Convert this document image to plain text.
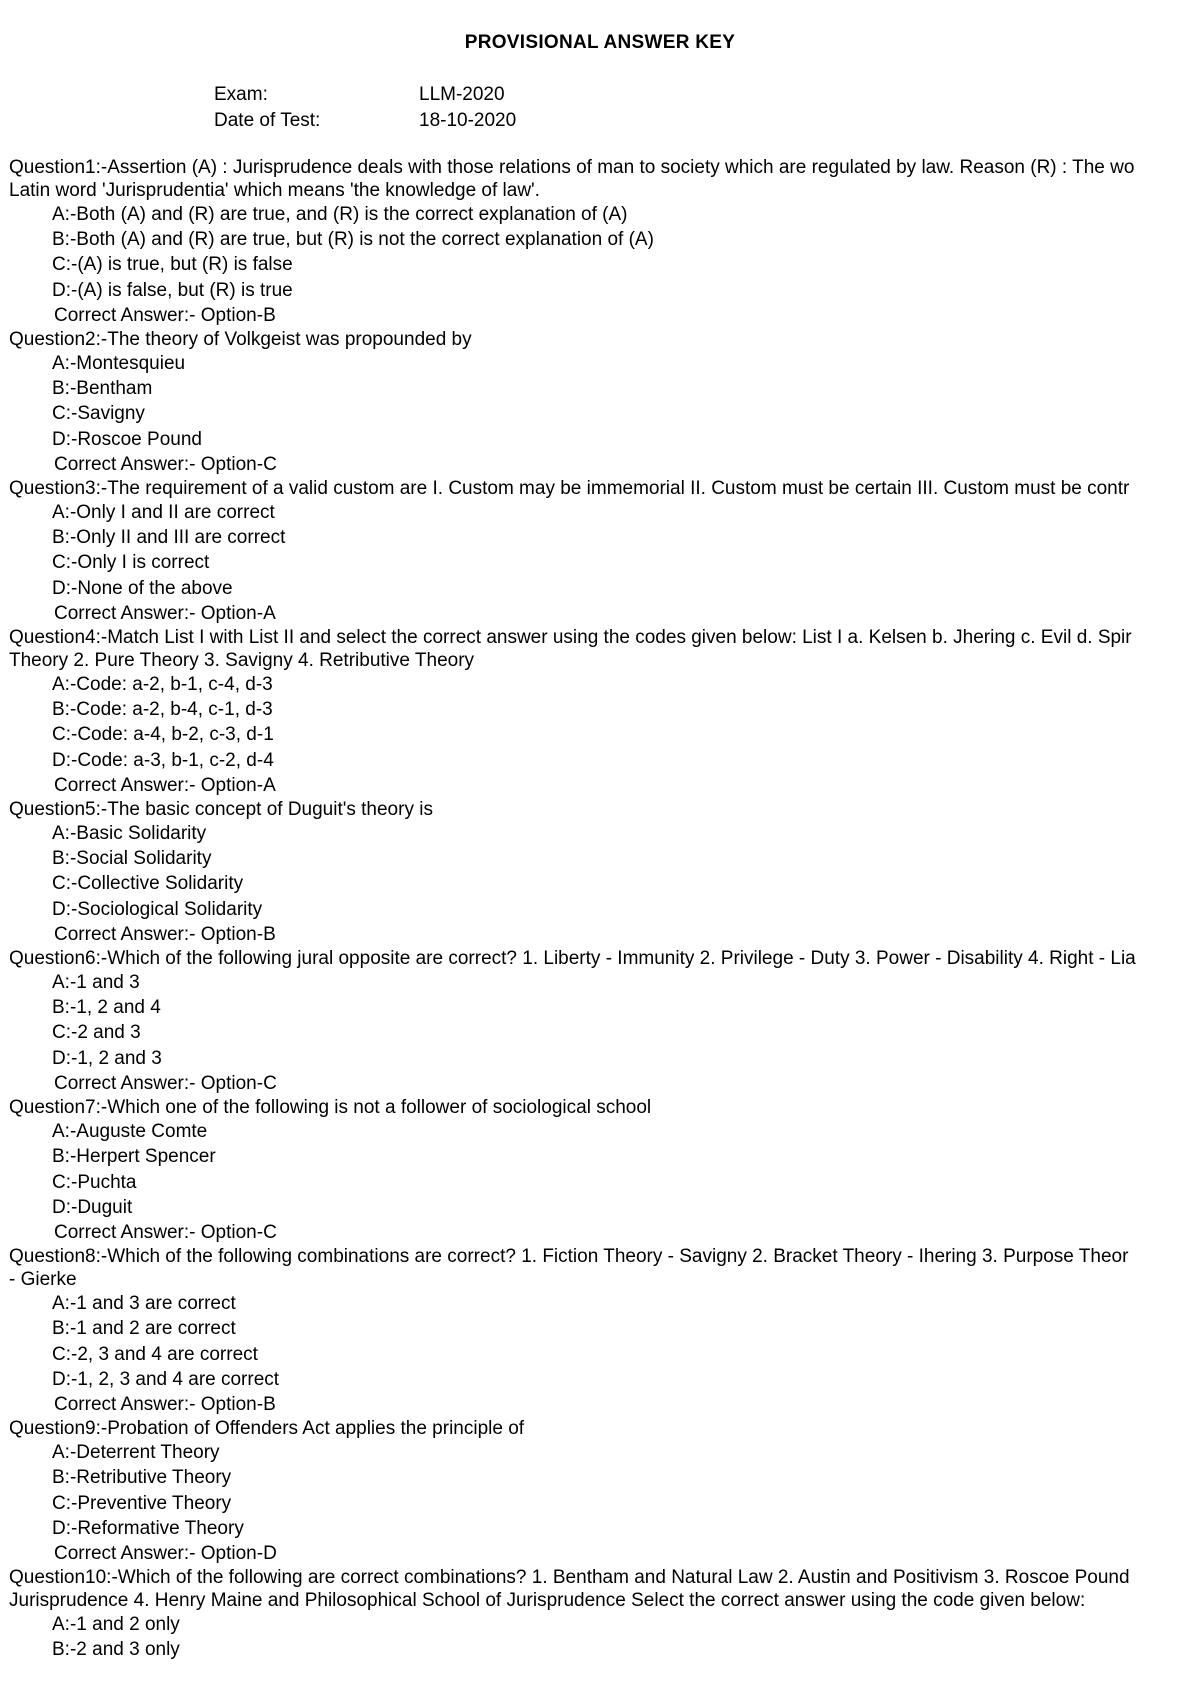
PROVISIONAL ANSWER KEY
Exam:	LLM-2020
Date of Test:	18-10-2020
Question1:-Assertion (A) : Jurisprudence deals with those relations of man to society which are regulated by law. Reason (R) : The wo
Latin word 'Jurisprudentia' which means 'the knowledge of law'.
A:-Both (A) and (R) are true, and (R) is the correct explanation of (A)
B:-Both (A) and (R) are true, but (R) is not the correct explanation of (A)
C:-(A) is true, but (R) is false
D:-(A) is false, but (R) is true
Correct Answer:- Option-B
Question2:-The theory of Volkgeist was propounded by
A:-Montesquieu
B:-Bentham
C:-Savigny
D:-Roscoe Pound
Correct Answer:- Option-C
Question3:-The requirement of a valid custom are I. Custom may be immemorial II. Custom must be certain III. Custom must be contr
A:-Only I and II are correct
B:-Only II and III are correct
C:-Only I is correct
D:-None of the above
Correct Answer:- Option-A
Question4:-Match List I with List II and select the correct answer using the codes given below: List I a. Kelsen b. Jhering c. Evil d. Spir
Theory 2. Pure Theory 3. Savigny 4. Retributive Theory
A:-Code: a-2, b-1, c-4, d-3
B:-Code: a-2, b-4, c-1, d-3
C:-Code: a-4, b-2, c-3, d-1
D:-Code: a-3, b-1, c-2, d-4
Correct Answer:- Option-A
Question5:-The basic concept of Duguit's theory is
A:-Basic Solidarity
B:-Social Solidarity
C:-Collective Solidarity
D:-Sociological Solidarity
Correct Answer:- Option-B
Question6:-Which of the following jural opposite are correct? 1. Liberty - Immunity 2. Privilege - Duty 3. Power - Disability 4. Right - Lia
A:-1 and 3
B:-1, 2 and 4
C:-2 and 3
D:-1, 2 and 3
Correct Answer:- Option-C
Question7:-Which one of the following is not a follower of sociological school
A:-Auguste Comte
B:-Herpert Spencer
C:-Puchta
D:-Duguit
Correct Answer:- Option-C
Question8:-Which of the following combinations are correct? 1. Fiction Theory - Savigny 2. Bracket Theory - Ihering 3. Purpose Theor
- Gierke
A:-1 and 3 are correct
B:-1 and 2 are correct
C:-2, 3 and 4 are correct
D:-1, 2, 3 and 4 are correct
Correct Answer:- Option-B
Question9:-Probation of Offenders Act applies the principle of
A:-Deterrent Theory
B:-Retributive Theory
C:-Preventive Theory
D:-Reformative Theory
Correct Answer:- Option-D
Question10:-Which of the following are correct combinations? 1. Bentham and Natural Law 2. Austin and Positivism 3. Roscoe Pound
Jurisprudence 4. Henry Maine and Philosophical School of Jurisprudence Select the correct answer using the code given below:
A:-1 and 2 only
B:-2 and 3 only
